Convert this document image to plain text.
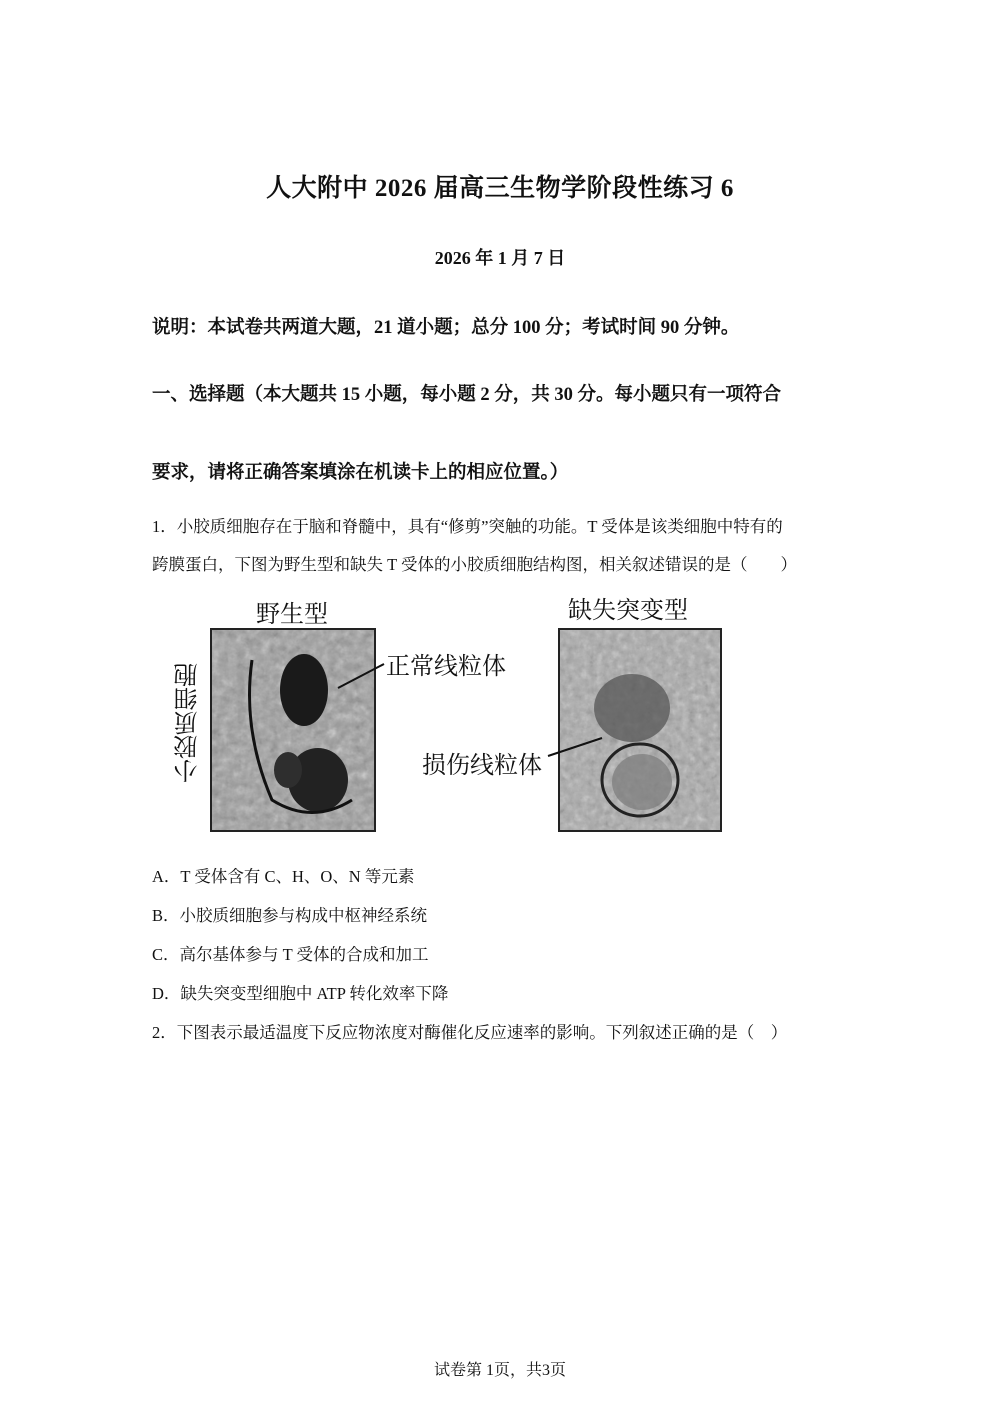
人大附中 2026 届高三生物学阶段性练习 6
2026 年 1 月 7 日
说明：本试卷共两道大题，21 道小题；总分 100 分；考试时间 90 分钟。
一、选择题（本大题共 15 小题，每小题 2 分，共 30 分。每小题只有一项符合
要求，请将正确答案填涂在机读卡上的相应位置。）
1．小胶质细胞存在于脑和脊髓中，具有“修剪”突触的功能。T 受体是该类细胞中特有的
跨膜蛋白，下图为野生型和缺失 T 受体的小胶质细胞结构图，相关叙述错误的是（　　）
野生型	缺失突变型
小胶质细胞	正常线粒体
损伤线粒体
A．T 受体含有 C、H、O、N 等元素
B．小胶质细胞参与构成中枢神经系统
C．高尔基体参与 T 受体的合成和加工
D．缺失突变型细胞中 ATP 转化效率下降
2．下图表示最适温度下反应物浓度对酶催化反应速率的影响。下列叙述正确的是（　）
试卷第 1页，共3页
